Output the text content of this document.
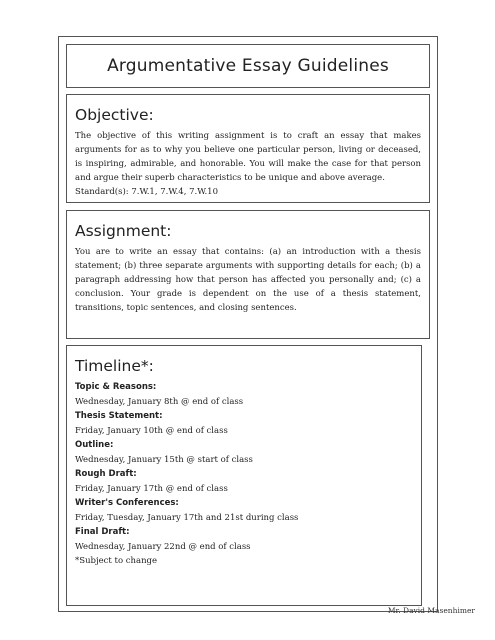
Argumentative Essay Guidelines
Objective:

The objective of this writing assignment is to craft an essay that makes arguments for as to why you believe one particular person, living or deceased, is inspiring, admirable, and honorable. You will make the case for that person and argue their superb characteristics to be unique and above average.

Standard(s): 7.W.1, 7.W.4, 7.W.10

Assignment:

You are to write an essay that contains: (a) an introduction with a thesis statement; (b) three separate arguments with supporting details for each; (b) a paragraph addressing how that person has affected you personally and; (c) a conclusion. Your grade is dependent on the use of a thesis statement, transitions, topic sentences, and closing sentences.

Timeline*:
Topic & Reasons:
Wednesday, January 8th @ end of class
Thesis Statement:
Friday, January 10th @ end of class
Outline:
Wednesday, January 15th @ start of class
Rough Draft:
Friday, January 17th @ end of class
Writer's Conferences:
Friday, Tuesday, January 17th and 21st during class
Final Draft:
Wednesday, January 22nd @ end of class
*Subject to change
Mr. David Masenhimer
